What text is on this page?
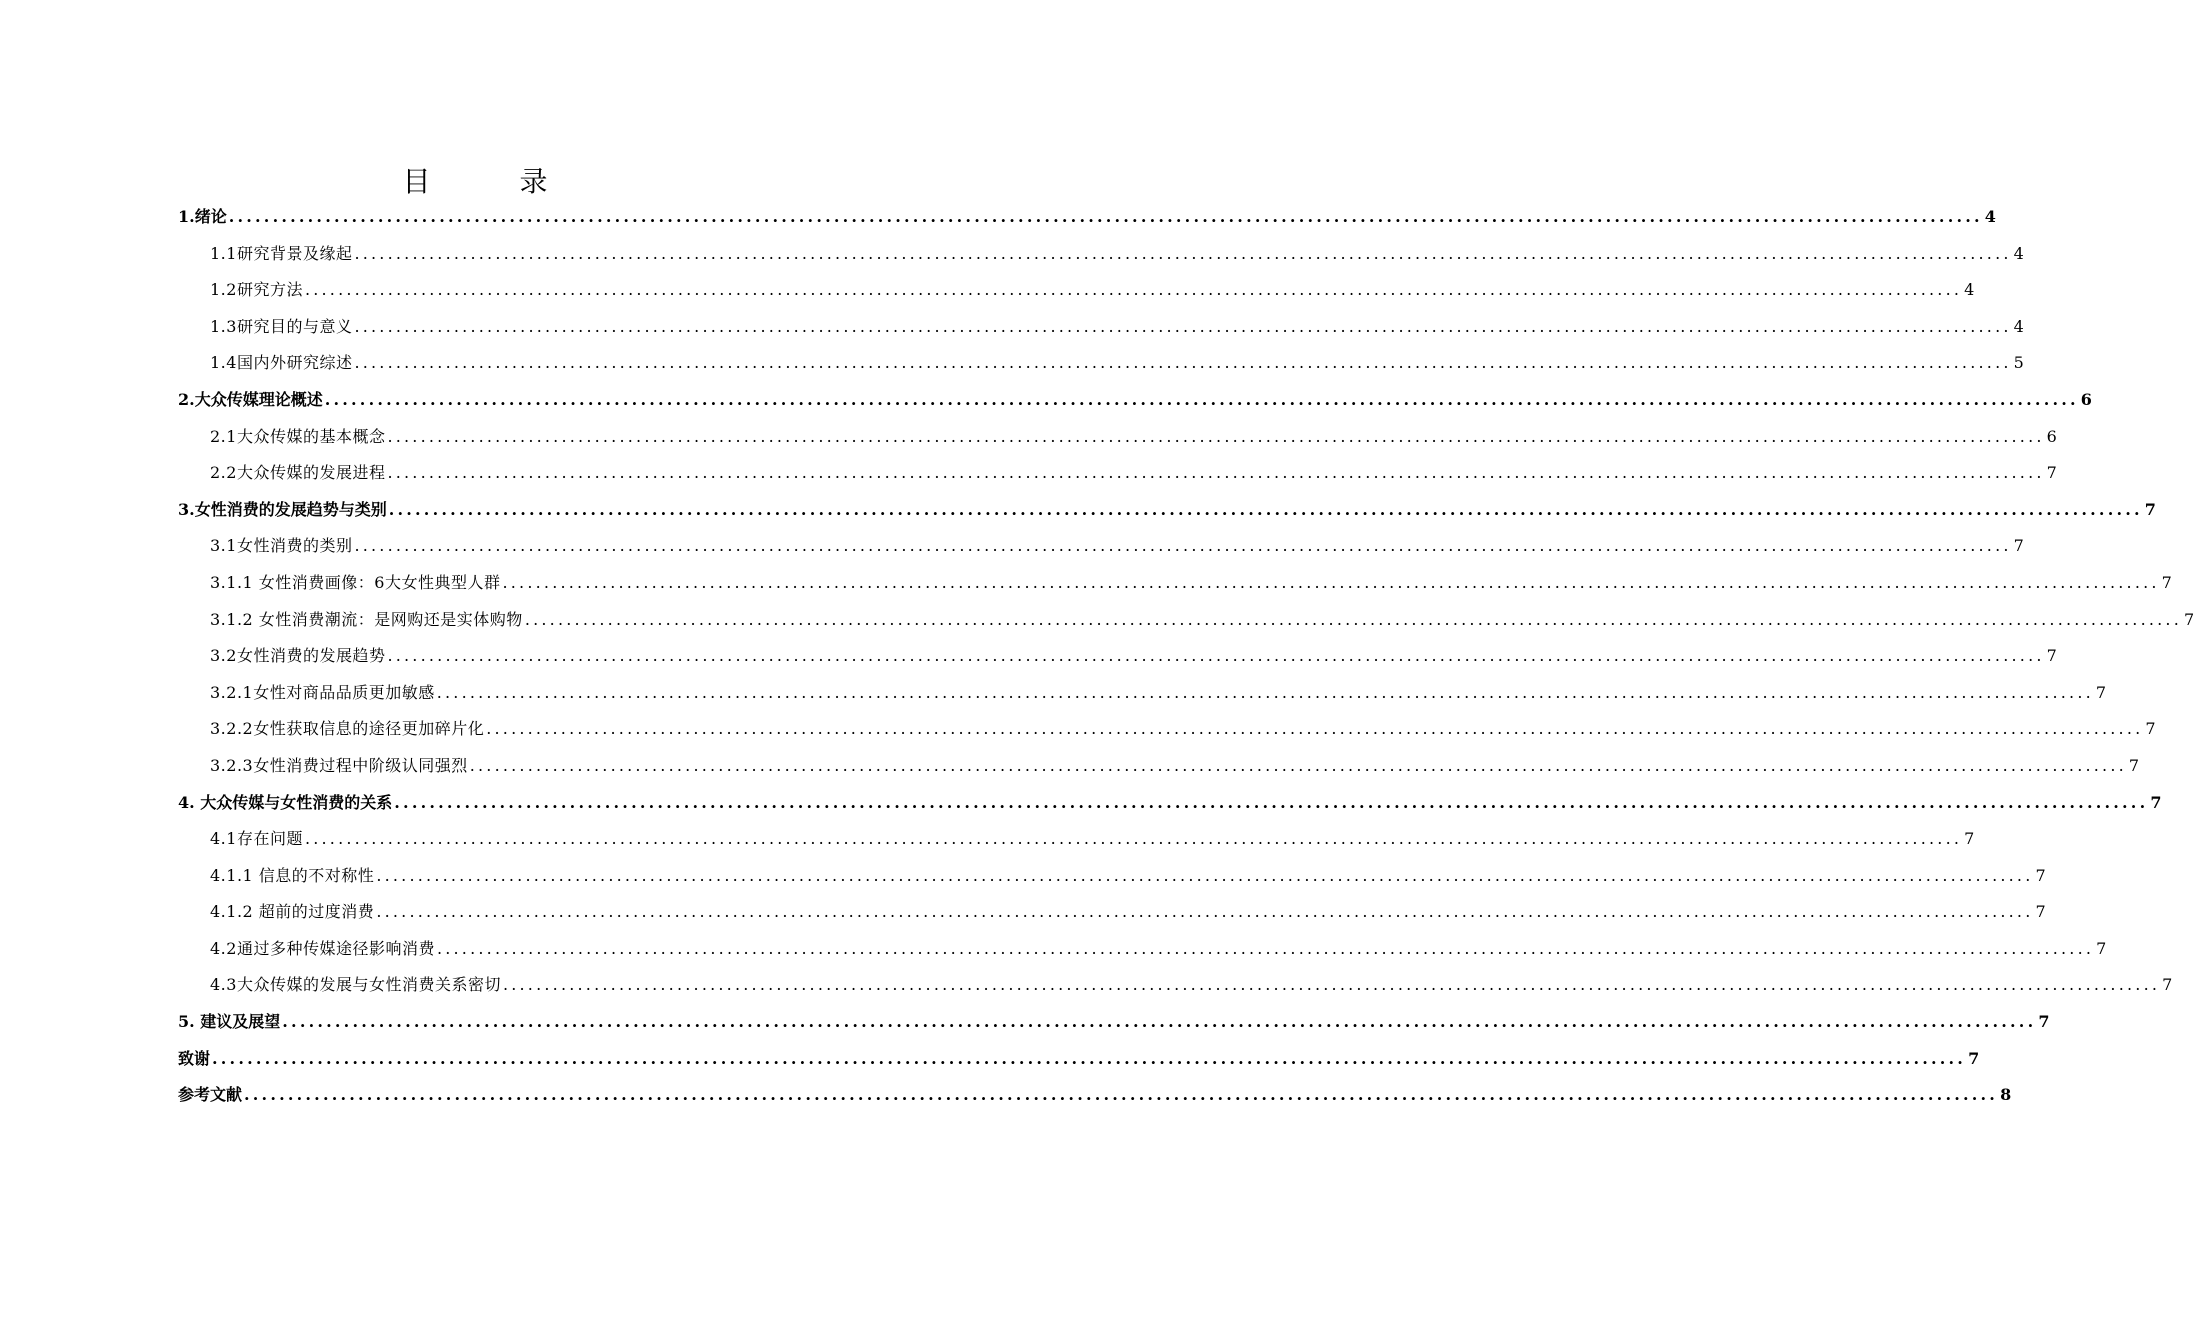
目 录
1.绪论 ........................................................................................................................................................................................................ 4
1.1研究背景及缘起 ........................................................................................................................................................................................................ 4
1.2研究方法 ........................................................................................................................................................................................................ 4
1.3研究目的与意义 ........................................................................................................................................................................................................ 4
1.4国内外研究综述 ........................................................................................................................................................................................................ 5
2.大众传媒理论概述 ........................................................................................................................................................................................................ 6
2.1大众传媒的基本概念 ........................................................................................................................................................................................................ 6
2.2大众传媒的发展进程 ........................................................................................................................................................................................................ 7
3.女性消费的发展趋势与类别 ........................................................................................................................................................................................................ 7
3.1女性消费的类别 ........................................................................................................................................................................................................ 7
3.1.1 女性消费画像：6大女性典型人群 ........................................................................................................................................................................................................ 7
3.1.2 女性消费潮流：是网购还是实体购物 ........................................................................................................................................................................................................ 7
3.2女性消费的发展趋势 ........................................................................................................................................................................................................ 7
3.2.1女性对商品品质更加敏感 ........................................................................................................................................................................................................ 7
3.2.2女性获取信息的途径更加碎片化 ........................................................................................................................................................................................................ 7
3.2.3女性消费过程中阶级认同强烈 ........................................................................................................................................................................................................ 7
4. 大众传媒与女性消费的关系 ........................................................................................................................................................................................................ 7
4.1存在问题 ........................................................................................................................................................................................................ 7
4.1.1 信息的不对称性 ........................................................................................................................................................................................................ 7
4.1.2 超前的过度消费 ........................................................................................................................................................................................................ 7
4.2通过多种传媒途径影响消费 ........................................................................................................................................................................................................ 7
4.3大众传媒的发展与女性消费关系密切 ........................................................................................................................................................................................................ 7
5. 建议及展望 ........................................................................................................................................................................................................ 7
致谢 ........................................................................................................................................................................................................ 7
参考文献 ........................................................................................................................................................................................................ 8
